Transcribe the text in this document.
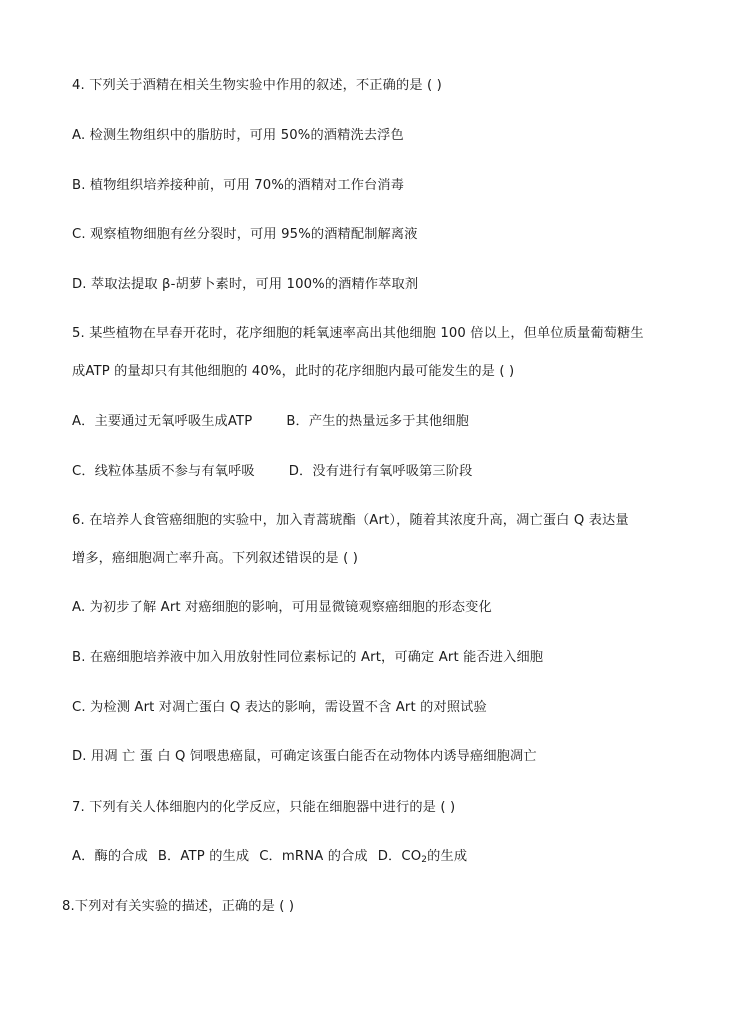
4. 下列关于酒精在相关生物实验中作用的叙述，不正确的是 ( )
A. 检测生物组织中的脂肪时，可用 50%的酒精洗去浮色
B. 植物组织培养接种前，可用 70%的酒精对工作台消毒
C. 观察植物细胞有丝分裂时，可用 95%的酒精配制解离液
D. 萃取法提取 β-胡萝卜素时，可用 100%的酒精作萃取剂
5. 某些植物在早春开花时，花序细胞的耗氧速率高出其他细胞 100 倍以上，但单位质量葡萄糖生
成ATP 的量却只有其他细胞的 40%，此时的花序细胞内最可能发生的是 ( )
A．主要通过无氧呼吸生成ATP	B．产生的热量远多于其他细胞
C．线粒体基质不参与有氧呼吸	D．没有进行有氧呼吸第三阶段
6. 在培养人食管癌细胞的实验中，加入青蒿琥酯（Art），随着其浓度升高，凋亡蛋白 Q 表达量
增多，癌细胞凋亡率升高。下列叙述错误的是 ( )
A. 为初步了解 Art 对癌细胞的影响，可用显微镜观察癌细胞的形态变化
B. 在癌细胞培养液中加入用放射性同位素标记的 Art，可确定 Art 能否进入细胞
C. 为检测 Art 对凋亡蛋白 Q 表达的影响，需设置不含 Art 的对照试验
D. 用凋 亡 蛋 白 Q 饲喂患癌鼠，可确定该蛋白能否在动物体内诱导癌细胞凋亡
7. 下列有关人体细胞内的化学反应，只能在细胞器中进行的是 ( )
A．酶的合成 B．ATP 的生成 C．mRNA 的合成 D．$CO_2$的生成
8.下列对有关实验的描述，正确的是 ( )
